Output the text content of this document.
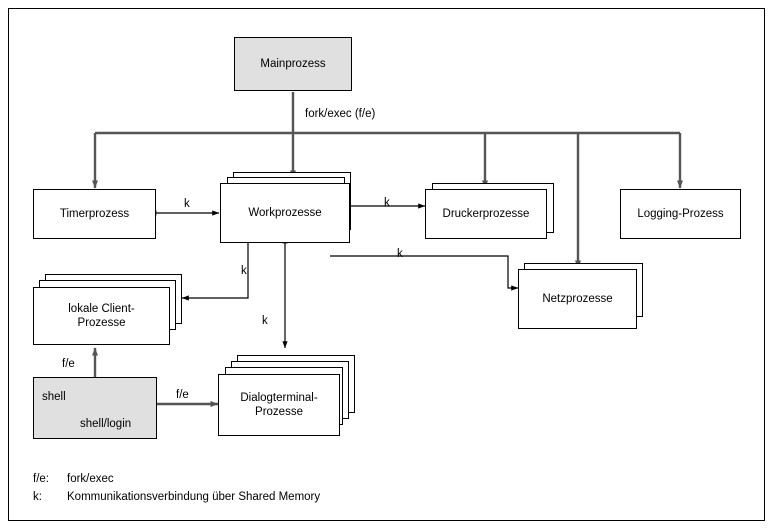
Mainprozess
Timerprozess	Workprozesse	Druckerprozesse	Logging-Prozess
lokale Client-
Prozesse
Netzprozesse
Dialogterminal-
Prozesse
shell
shell/login
fork/exec (f/e)
k	k
k
k
k
f/e
f/e
f/e: fork/exec
k: Kommunikationsverbindung über Shared Memory
